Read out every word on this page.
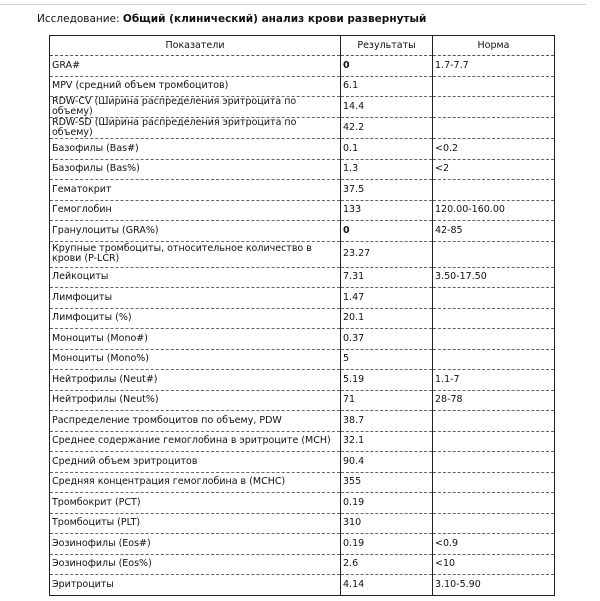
Исследование: Общий (клинический) анализ крови развернутый
Показатели	Результаты	Норма
GRA#	0	1.7-7.7
MPV (средний объем тромбоцитов)	6.1	
RDW-CV (Ширина распределения эритроцита по объему)	14.4	
RDW-SD (Ширина распределения эритроцита по объему)	42.2	
Базофилы (Bas#)	0.1	<0.2
Базофилы (Bas%)	1.3	<2
Гематокрит	37.5	
Гемоглобин	133	120.00-160.00
Гранулоциты (GRA%)	0	42-85
Крупные тромбоциты, относительное количество в крови (P-LCR)	23.27	
Лейкоциты	7.31	3.50-17.50
Лимфоциты	1.47	
Лимфоциты (%)	20.1	
Моноциты (Mono#)	0.37	
Моноциты (Mono%)	5	
Нейтрофилы (Neut#)	5.19	1.1-7
Нейтрофилы (Neut%)	71	28-78
Распределение тромбоцитов по объему, PDW	38.7	
Среднее содержание гемоглобина в эритроците (MCH)	32.1	
Средний объем эритроцитов	90.4	
Средняя концентрация гемоглобина в (MCHC)	355	
Тромбокрит (PCT)	0.19	
Тромбоциты (PLT)	310	
Эозинофилы (Eos#)	0.19	<0.9
Эозинофилы (Eos%)	2.6	<10
Эритроциты	4.14	3.10-5.90
